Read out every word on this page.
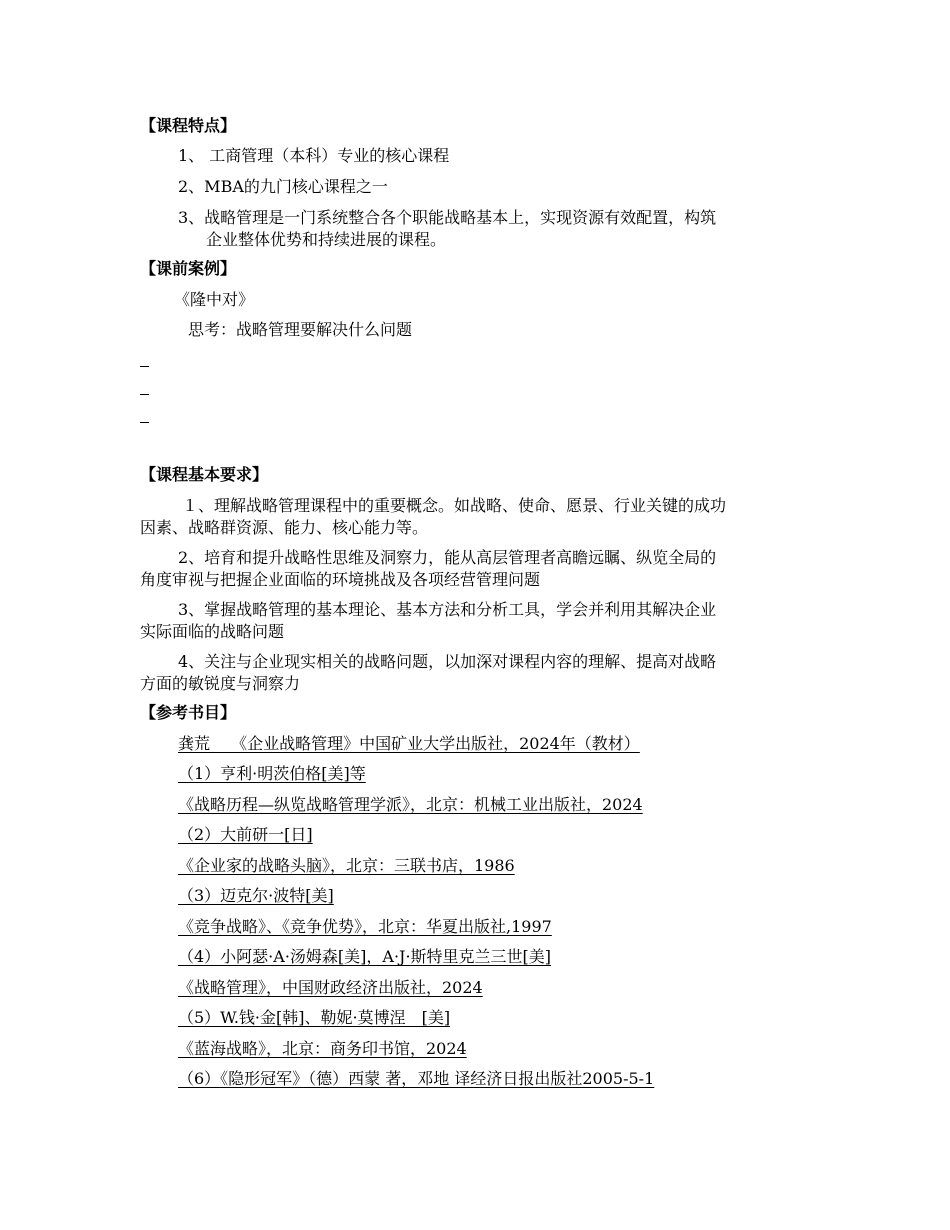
【课程特点】
1、 工商管理（本科）专业的核心课程
2、MBA的九门核心课程之一
3、战略管理是一门系统整合各个职能战略基本上，实现资源有效配置，构筑
企业整体优势和持续进展的课程。
【课前案例】
《隆中对》
思考：战略管理要解决什么问题
【课程基本要求】
１、理解战略管理课程中的重要概念。如战略、使命、愿景、行业关键的成功
因素、战略群资源、能力、核心能力等。
2、培育和提升战略性思维及洞察力，能从高层管理者高瞻远瞩、纵览全局的
角度审视与把握企业面临的环境挑战及各项经营管理问题
3、掌握战略管理的基本理论、基本方法和分析工具，学会并利用其解决企业
实际面临的战略问题
4、关注与企业现实相关的战略问题，以加深对课程内容的理解、提高对战略
方面的敏锐度与洞察力
【参考书目】
龚荒　 《企业战略管理》中国矿业大学出版社，2024年（教材）
（1）亨利·明茨伯格[美]等
《战略历程—纵览战略管理学派》，北京：机械工业出版社，2024
（2）大前研一[日]
《企业家的战略头脑》，北京：三联书店，1986
（3）迈克尔·波特[美]
《竞争战略》、《竞争优势》，北京：华夏出版社,1997
（4）小阿瑟·A·汤姆森[美]，A·J·斯特里克兰三世[美]
《战略管理》，中国财政经济出版社，2024
（5）W.钱·金[韩]、勒妮·莫博涅　[美]
《蓝海战略》，北京：商务印书馆，2024
（6）《隐形冠军》（德）西蒙 著，邓地 译经济日报出版社2005-5-1
